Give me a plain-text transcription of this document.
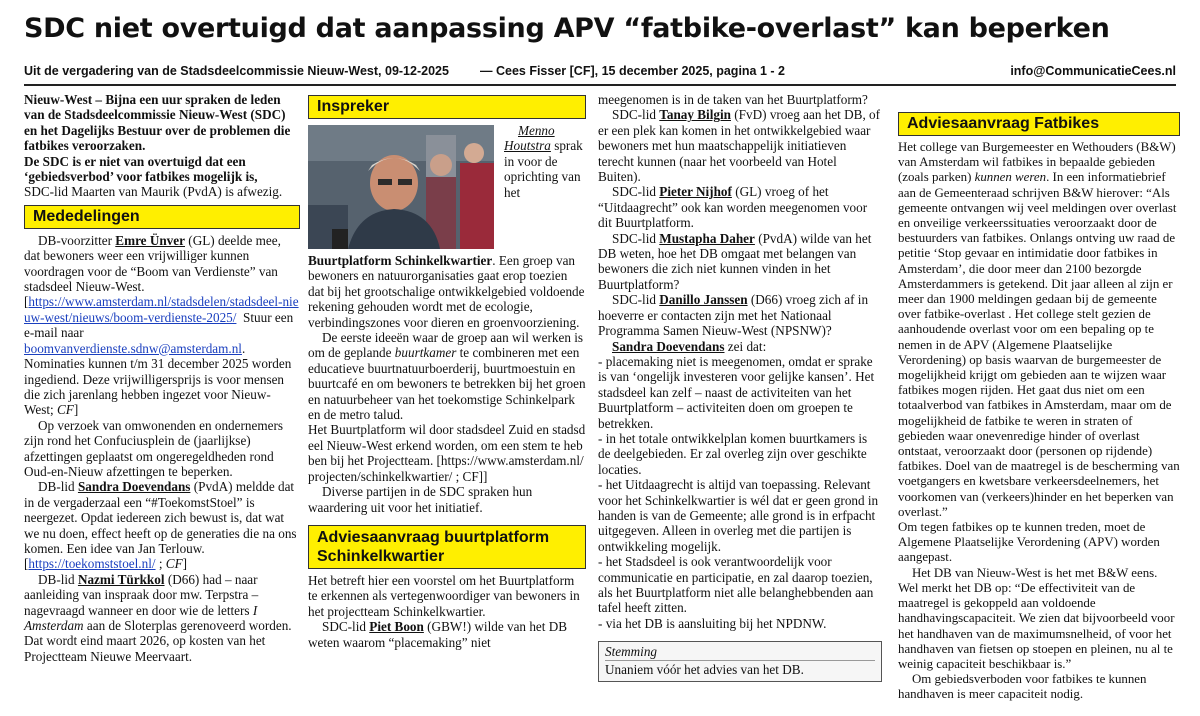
SDC niet overtuigd dat aanpassing APV “fatbike-overlast” kan beperken
Uit de vergadering van de Stadsdeelcommissie Nieuw-West, 09-12-2025 — Cees Fisser [CF], 15 december 2025, pagina 1 - 2	info@CommunicatieCees.nl

Nieuw-West – Bijna een uur spraken de leden van de Stadsdeelcommissie Nieuw-West (SDC) en het Dagelijks Bestuur over de problemen die fatbikes veroorzaken.

De SDC is er niet van overtuigd dat een ‘gebiedsverbod’ voor fatbikes mogelijk is,

SDC-lid Maarten van Maurik (PvdA) is afwezig.

Mededelingen

DB-voorzitter Emre Ünver (GL) deelde mee, dat bewoners weer een vrijwilliger kunnen voordragen voor de “Boom van Verdienste” van stadsdeel Nieuw-West.
[https://www.amsterdam.nl/stadsdelen/stadsdeel-nieuw-west/nieuws/boom-verdienste-2025/ Stuur een e-mail naar boomvanverdienste.sdnw@amsterdam.nl. Nominaties kunnen t/m 31 december 2025 worden ingediend. Deze vrijwilligersprijs is voor mensen die zich jarenlang hebben ingezet voor Nieuw-West; CF]

Op verzoek van omwonenden en ondernemers zijn rond het Confuciusplein de (jaarlijkse) afzettingen geplaatst om ongeregeldheden rond Oud-en-Nieuw afzettingen te beperken.

DB-lid Sandra Doevendans (PvdA) meldde dat in de vergaderzaal een “#ToekomstStoel” is neergezet. Opdat iedereen zich bewust is, dat wat we nu doen, effect heeft op de generaties die na ons komen. Een idee van Jan Terlouw.
[https://toekomststoel.nl/ ; CF]

DB-lid Nazmi Türkkol (D66) had – naar aanleiding van inspraak door mw. Terpstra – nagevraagd wanneer en door wie de letters I Amsterdam aan de Sloterplas gerenoveerd worden. Dat wordt eind maart 2026, op kosten van het Projectteam Nieuwe Meervaart.

Inspreker

Menno Houtstra sprak in voor de oprichting van het Buurtplatform Schinkelkwartier. Een groep van bewoners en natuurorganisaties gaat erop toezien dat bij het grootschalige ontwikkelgebied voldoende rekening gehouden wordt met de ecologie, verbindingszones voor dieren en groenvoorziening.

De eerste ideeën waar de groep aan wil werken is om de geplande buurtkamer te combineren met een educatieve buurtnatuurboerderij, buurtmoestuin en buurtcafé en om bewoners te betrekken bij het groen en natuurbeheer van het toekomstige Schinkelpark en de metro talud.

Het Buurtplatform wil door stadsdeel Zuid en stadsdeel Nieuw-West erkend worden, om een stem te hebben bij het Projectteam. [https://www.amsterdam.nl/projecten/schinkelkwartier/ ; CF]]

Diverse partijen in de SDC spraken hun waardering uit voor het initiatief.

Adviesaanvraag buurtplatform Schinkelkwartier

Het betreft hier een voorstel om het Buurtplatform te erkennen als vertegenwoordiger van bewoners in het projectteam Schinkelkwartier.

SDC-lid Piet Boon (GBW!) wilde van het DB weten waarom “placemaking” niet

meegenomen is in de taken van het Buurtplatform?

SDC-lid Tanay Bilgin (FvD) vroeg aan het DB, of er een plek kan komen in het ontwikkelgebied waar bewoners met hun maatschappelijk initiatieven terecht kunnen (naar het voorbeeld van Hotel Buiten).

SDC-lid Pieter Nijhof (GL) vroeg of het “Uitdaagrecht” ook kan worden meegenomen voor dit Buurtplatform.

SDC-lid Mustapha Daher (PvdA) wilde van het DB weten, hoe het DB omgaat met belangen van bewoners die zich niet kunnen vinden in het Buurtplatform?

SDC-lid Danillo Janssen (D66) vroeg zich af in hoeverre er contacten zijn met het Nationaal Programma Samen Nieuw-West (NPSNW)?

Sandra Doevendans zei dat:

- placemaking niet is meegenomen, omdat er sprake is van ‘ongelijk investeren voor gelijke kansen’. Het stadsdeel kan zelf – naast de activiteiten van het Buurtplatform – activiteiten doen om groepen te betrekken.

- in het totale ontwikkelplan komen buurtkamers is de deelgebieden. Er zal overleg zijn over geschikte locaties.

- het Uitdaagrecht is altijd van toepassing. Relevant voor het Schinkelkwartier is wél dat er geen grond in handen is van de Gemeente; alle grond is in erfpacht uitgegeven. Alleen in overleg met die partijen is ontwikkeling mogelijk.

- het Stadsdeel is ook verantwoordelijk voor communicatie en participatie, en zal daarop toezien, als het Buurtplatform niet alle belanghebbenden aan tafel heeft zitten.

- via het DB is aansluiting bij het NPDNW.

Stemming
Unaniem vóór het advies van het DB.
Adviesaanvraag Fatbikes

Het college van Burgemeester en Wethouders (B&W) van Amsterdam wil fatbikes in bepaalde gebieden (zoals parken) kunnen weren. In een informatiebrief aan de Gemeenteraad schrijven B&W hierover: “Als gemeente ontvangen wij veel meldingen over overlast en onveilige verkeerssituaties veroorzaakt door de bestuurders van fatbikes. Onlangs ontving uw raad de petitie ‘Stop gevaar en intimidatie door fatbikes in Amsterdam’, die door meer dan 2100 bezorgde Amsterdammers is getekend. Dit jaar alleen al zijn er meer dan 1900 meldingen gedaan bij de gemeente over fatbike-overlast . Het college stelt gezien de aanhoudende overlast voor om een bepaling op te nemen in de APV (Algemene Plaatselijke Verordening) op basis waarvan de burgemeester de mogelijkheid krijgt om gebieden aan te wijzen waar fatbikes mogen rijden. Het gaat dus niet om een totaalverbod van fatbikes in Amsterdam, maar om de mogelijkheid de fatbike te weren in straten of gebieden waar onevenredige hinder of overlast ontstaat, veroorzaakt door (personen op rijdende) fatbikes. Doel van de maatregel is de bescherming van voetgangers en kwetsbare verkeersdeelnemers, het voorkomen van (verkeers)hinder en het beperken van overlast.”

Om tegen fatbikes op te kunnen treden, moet de Algemene Plaatselijke Verordening (APV) worden aangepast.

Het DB van Nieuw-West is het met B&W eens. Wel merkt het DB op: “De effectiviteit van de maatregel is gekoppeld aan voldoende handhavingscapaciteit. We zien dat bijvoorbeeld voor het handhaven van de maximumsnelheid, of voor het handhaven van fietsen op stoepen en pleinen, nu al te weinig capaciteit beschikbaar is.”

Om gebiedsverboden voor fatbikes te kunnen handhaven is meer capaciteit nodig.
